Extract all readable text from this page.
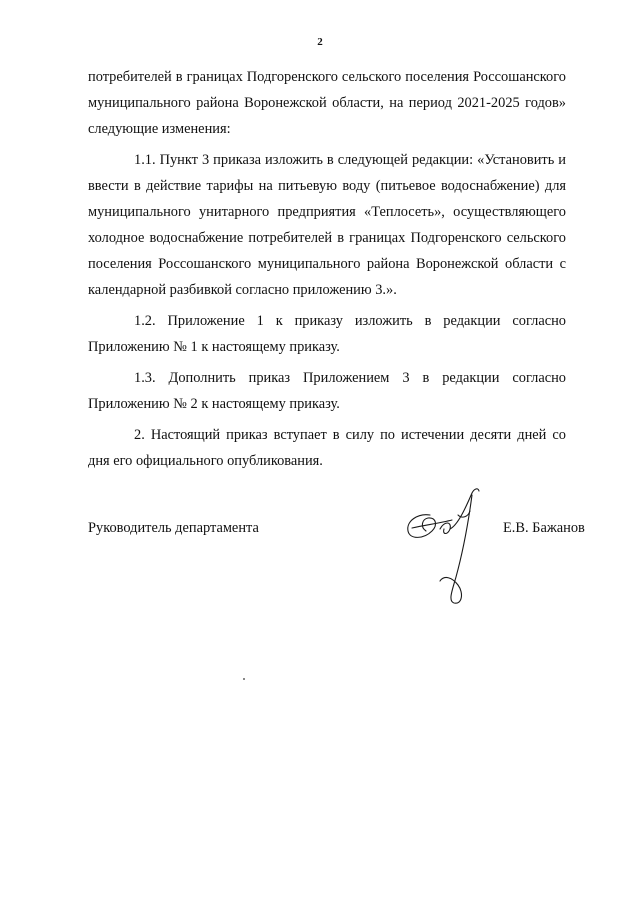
2

потребителей в границах Подгоренского сельского поселения Россошанского муниципального района Воронежской области, на период 2021-2025 годов» следующие изменения:

1.1. Пункт 3 приказа изложить в следующей редакции: «Установить и ввести в действие тарифы на питьевую воду (питьевое водоснабжение) для муниципального унитарного предприятия «Теплосеть», осуществляющего холодное водоснабжение потребителей в границах Подгоренского сельского поселения Россошанского муниципального района Воронежской области с календарной разбивкой согласно приложению 3.».

1.2. Приложение 1 к приказу изложить в редакции согласно Приложению № 1 к настоящему приказу.

1.3. Дополнить приказ Приложением 3 в редакции согласно Приложению № 2 к настоящему приказу.

2. Настоящий приказ вступает в силу по истечении десяти дней со дня его официального опубликования.

Руководитель департамента	Е.В. Бажанов
